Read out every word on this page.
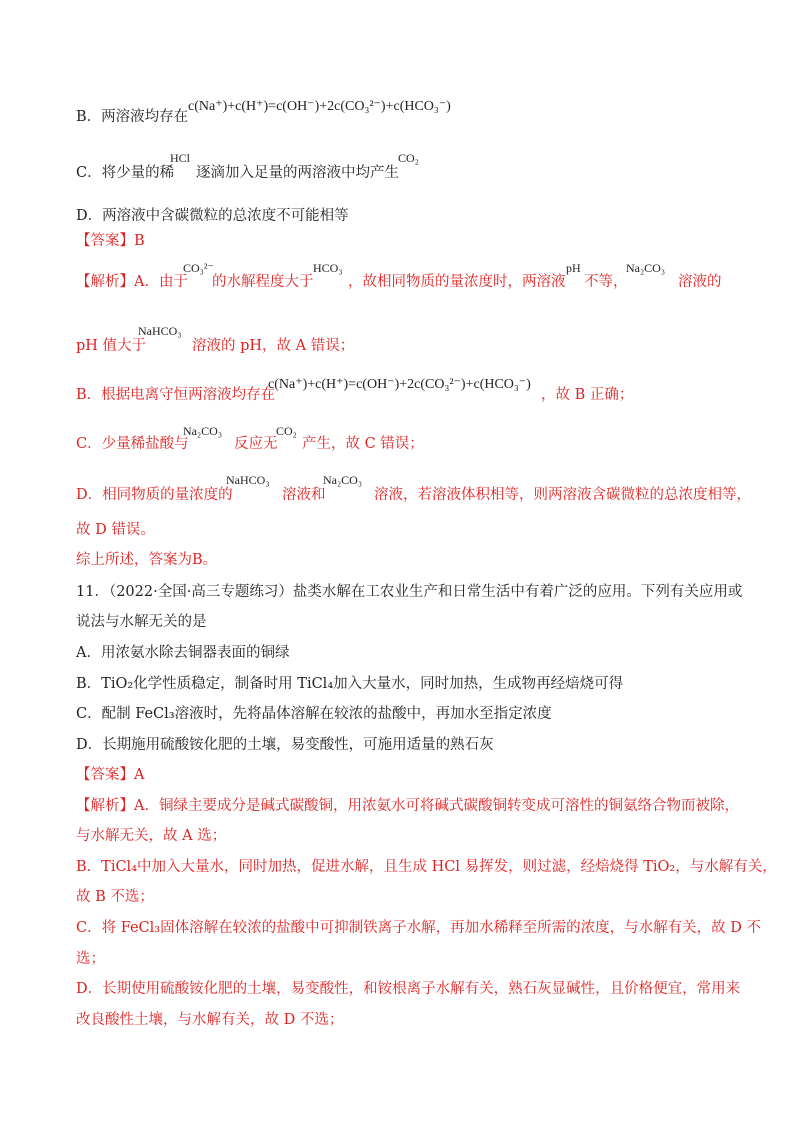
B．两溶液均存在
c(Na⁺)+c(H⁺)=c(OH⁻)+2c(CO₃²⁻)+c(HCO₃⁻)
C．将少量的稀
HCl
逐滴加入足量的两溶液中均产生
CO₂
D．两溶液中含碳微粒的总浓度不可能相等
【答案】B
【解析】A．由于
CO₃²⁻
的水解程度大于
HCO₃
，故相同物质的量浓度时，两溶液
pH
不等，
Na₂CO₃
溶液的
pH 值大于
NaHCO₃
溶液的 pH，故 A 错误；
B．根据电离守恒两溶液均存在
c(Na⁺)+c(H⁺)=c(OH⁻)+2c(CO₃²⁻)+c(HCO₃⁻)
，故 B 正确；
C．少量稀盐酸与
Na₂CO₃
反应无
CO₂
产生，故 C 错误；
D．相同物质的量浓度的
NaHCO₃
溶液和
Na₂CO₃
溶液，若溶液体积相等，则两溶液含碳微粒的总浓度相等，
故 D 错误。
综上所述，答案为B。
11．（2022·全国·高三专题练习）盐类水解在工农业生产和日常生活中有着广泛的应用。下列有关应用或
说法与水解无关的是
A．用浓氨水除去铜器表面的铜绿
B．TiO₂化学性质稳定，制备时用 TiCl₄加入大量水，同时加热，生成物再经焙烧可得
C．配制 FeCl₃溶液时，先将晶体溶解在较浓的盐酸中，再加水至指定浓度
D．长期施用硫酸铵化肥的土壤，易变酸性，可施用适量的熟石灰
【答案】A
【解析】A．铜绿主要成分是碱式碳酸铜，用浓氨水可将碱式碳酸铜转变成可溶性的铜氨络合物而被除，
与水解无关，故 A 选；
B．TiCl₄中加入大量水，同时加热，促进水解，且生成 HCl 易挥发，则过滤，经焙烧得 TiO₂，与水解有关，
故 B 不选；
C．将 FeCl₃固体溶解在较浓的盐酸中可抑制铁离子水解，再加水稀释至所需的浓度，与水解有关，故 D 不
选；
D．长期使用硫酸铵化肥的土壤，易变酸性，和铵根离子水解有关，熟石灰显碱性，且价格便宜，常用来
改良酸性土壤，与水解有关，故 D 不选；
